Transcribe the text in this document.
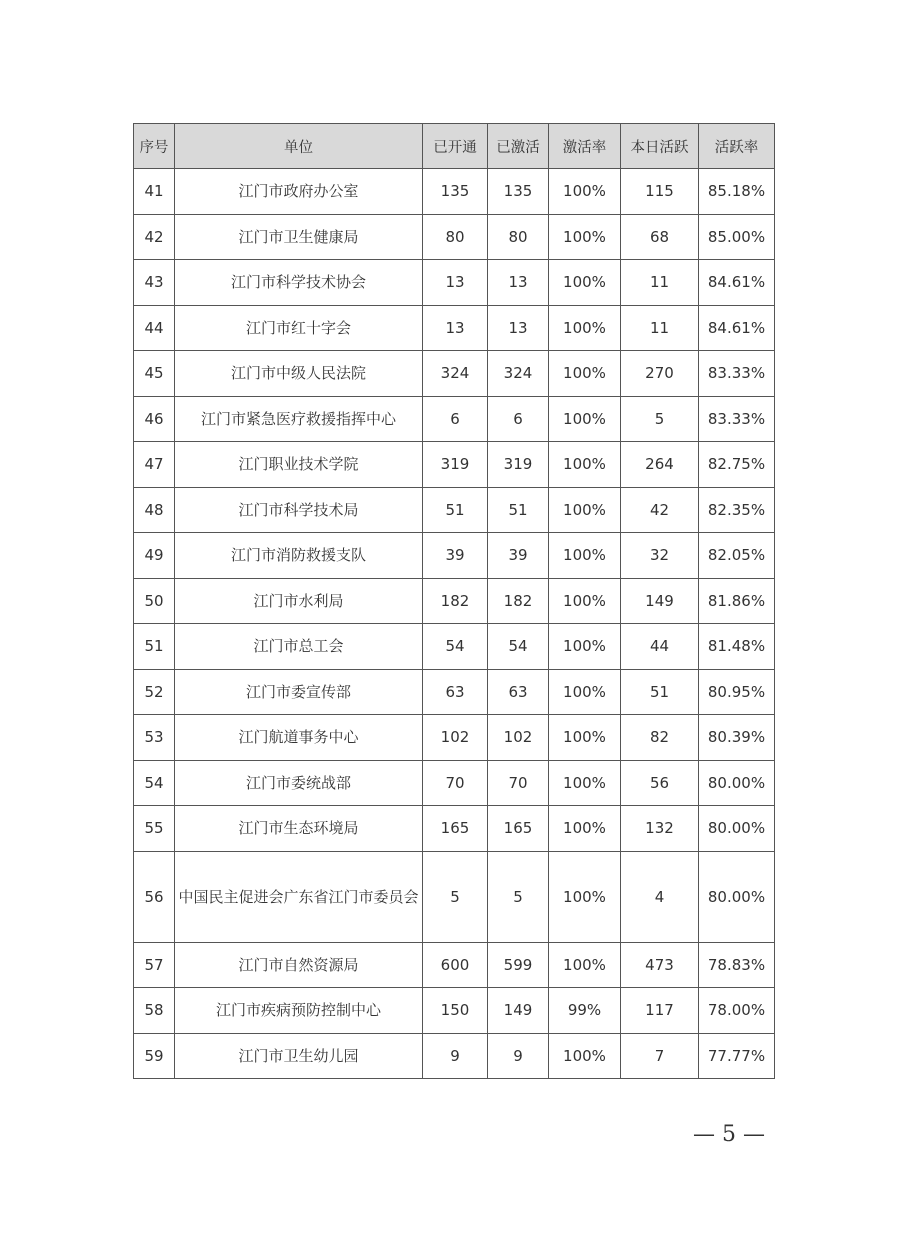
序号	单位	已开通	已激活	激活率	本日活跃	活跃率
41	江门市政府办公室	135	135	100%	115	85.18%
42	江门市卫生健康局	80	80	100%	68	85.00%
43	江门市科学技术协会	13	13	100%	11	84.61%
44	江门市红十字会	13	13	100%	11	84.61%
45	江门市中级人民法院	324	324	100%	270	83.33%
46	江门市紧急医疗救援指挥中心	6	6	100%	5	83.33%
47	江门职业技术学院	319	319	100%	264	82.75%
48	江门市科学技术局	51	51	100%	42	82.35%
49	江门市消防救援支队	39	39	100%	32	82.05%
50	江门市水利局	182	182	100%	149	81.86%
51	江门市总工会	54	54	100%	44	81.48%
52	江门市委宣传部	63	63	100%	51	80.95%
53	江门航道事务中心	102	102	100%	82	80.39%
54	江门市委统战部	70	70	100%	56	80.00%
55	江门市生态环境局	165	165	100%	132	80.00%
56	中国民主促进会广东省江门市委员会	5	5	100%	4	80.00%
57	江门市自然资源局	600	599	100%	473	78.83%
58	江门市疾病预防控制中心	150	149	99%	117	78.00%
59	江门市卫生幼儿园	9	9	100%	7	77.77%
— 5 —
